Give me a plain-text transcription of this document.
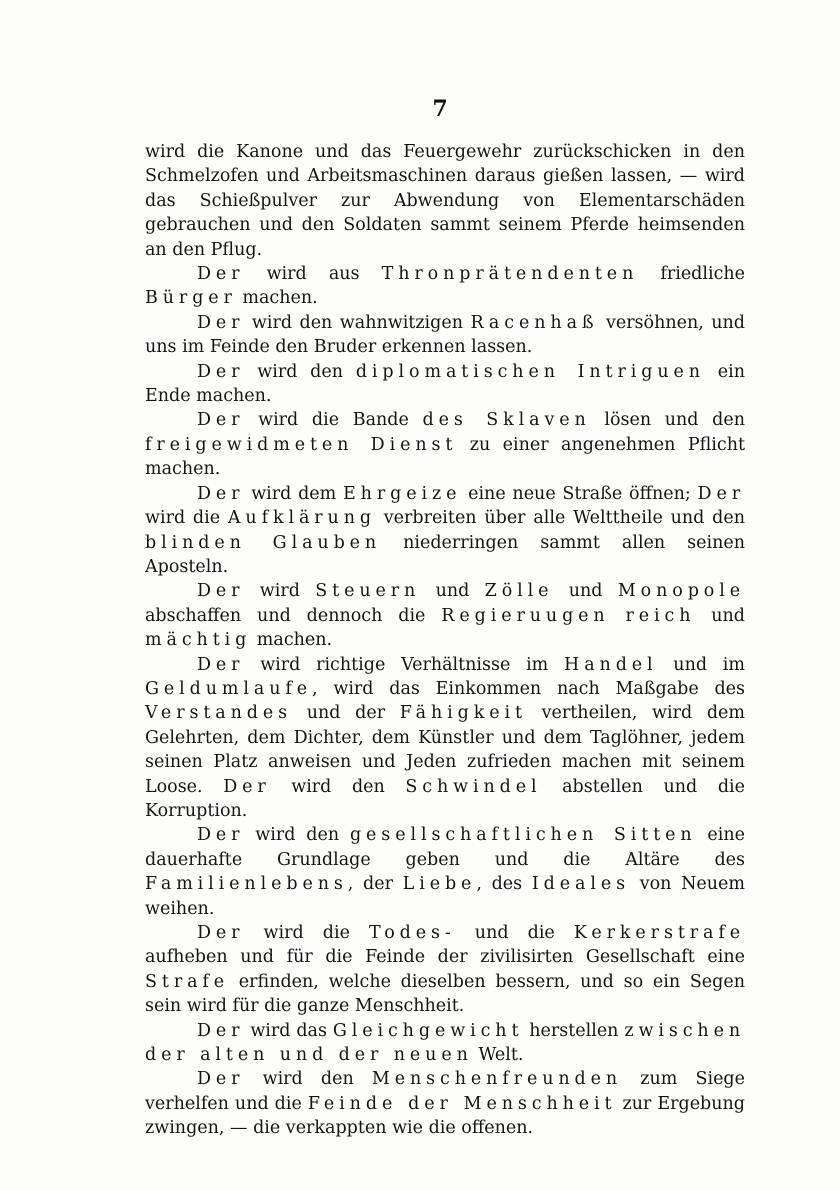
7

wird die Kanone und das Feuergewehr zurückschicken in den Schmelzofen und Arbeitsmaschinen daraus gießen lassen, — wird das Schießpulver zur Abwendung von Elementarschäden gebrauchen und den Soldaten sammt seinem Pferde heimsenden an den Pflug.

Der wird aus Thronprätendenten friedliche Bürger machen.

Der wird den wahnwitzigen Racenhaß versöhnen, und uns im Feinde den Bruder erkennen lassen.

Der wird den diplomatischen Intriguen ein Ende machen.

Der wird die Bande des Sklaven lösen und den freigewidmeten Dienst zu einer angenehmen Pflicht machen.

Der wird dem Ehrgeize eine neue Straße öffnen; Der wird die Aufklärung verbreiten über alle Welttheile und den blinden Glauben niederringen sammt allen seinen Aposteln.

Der wird Steuern und Zölle und Monopole abschaffen und dennoch die Regieruugen reich und mächtig machen.

Der wird richtige Verhältnisse im Handel und im Geldumlaufe, wird das Einkommen nach Maßgabe des Verstandes und der Fähigkeit vertheilen, wird dem Gelehrten, dem Dichter, dem Künstler und dem Taglöhner, jedem seinen Platz anweisen und Jeden zufrieden machen mit seinem Loose. Der wird den Schwindel abstellen und die Korruption.

Der wird den gesellschaftlichen Sitten eine dauerhafte Grundlage geben und die Altäre des Familienlebens, der Liebe, des Ideales von Neuem weihen.

Der wird die Todes- und die Kerkerstrafe aufheben und für die Feinde der zivilisirten Gesellschaft eine Strafe erfinden, welche dieselben bessern, und so ein Segen sein wird für die ganze Menschheit.

Der wird das Gleichgewicht herstellen zwischen der alten und der neuen Welt.

Der wird den Menschenfreunden zum Siege verhelfen und die Feinde der Menschheit zur Ergebung zwingen, — die verkappten wie die offenen.
